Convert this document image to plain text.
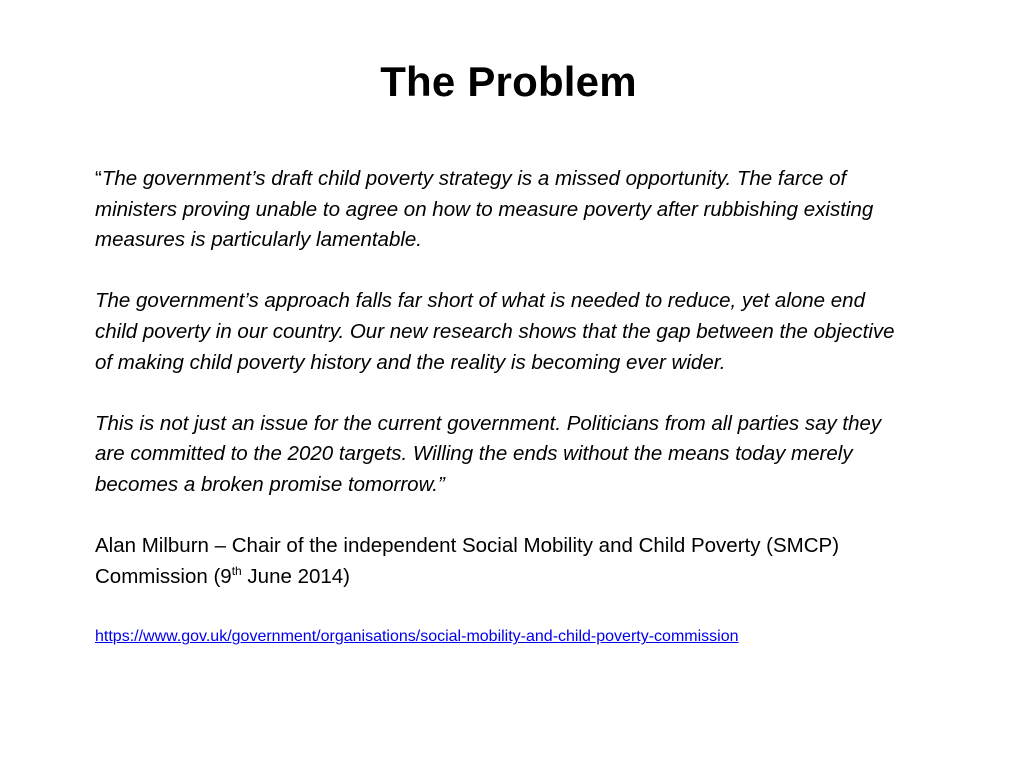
The Problem

“The government’s draft child poverty strategy is a missed opportunity. The farce of ministers proving unable to agree on how to measure poverty after rubbishing existing measures is particularly lamentable.

The government’s approach falls far short of what is needed to reduce, yet alone end child poverty in our country. Our new research shows that the gap between the objective of making child poverty history and the reality is becoming ever wider.

This is not just an issue for the current government. Politicians from all parties say they are committed to the 2020 targets. Willing the ends without the means today merely becomes a broken promise tomorrow.”

Alan Milburn – Chair of the independent Social Mobility and Child Poverty (SMCP) Commission (9th June 2014)

https://www.gov.uk/government/organisations/social-mobility-and-child-poverty-commission
